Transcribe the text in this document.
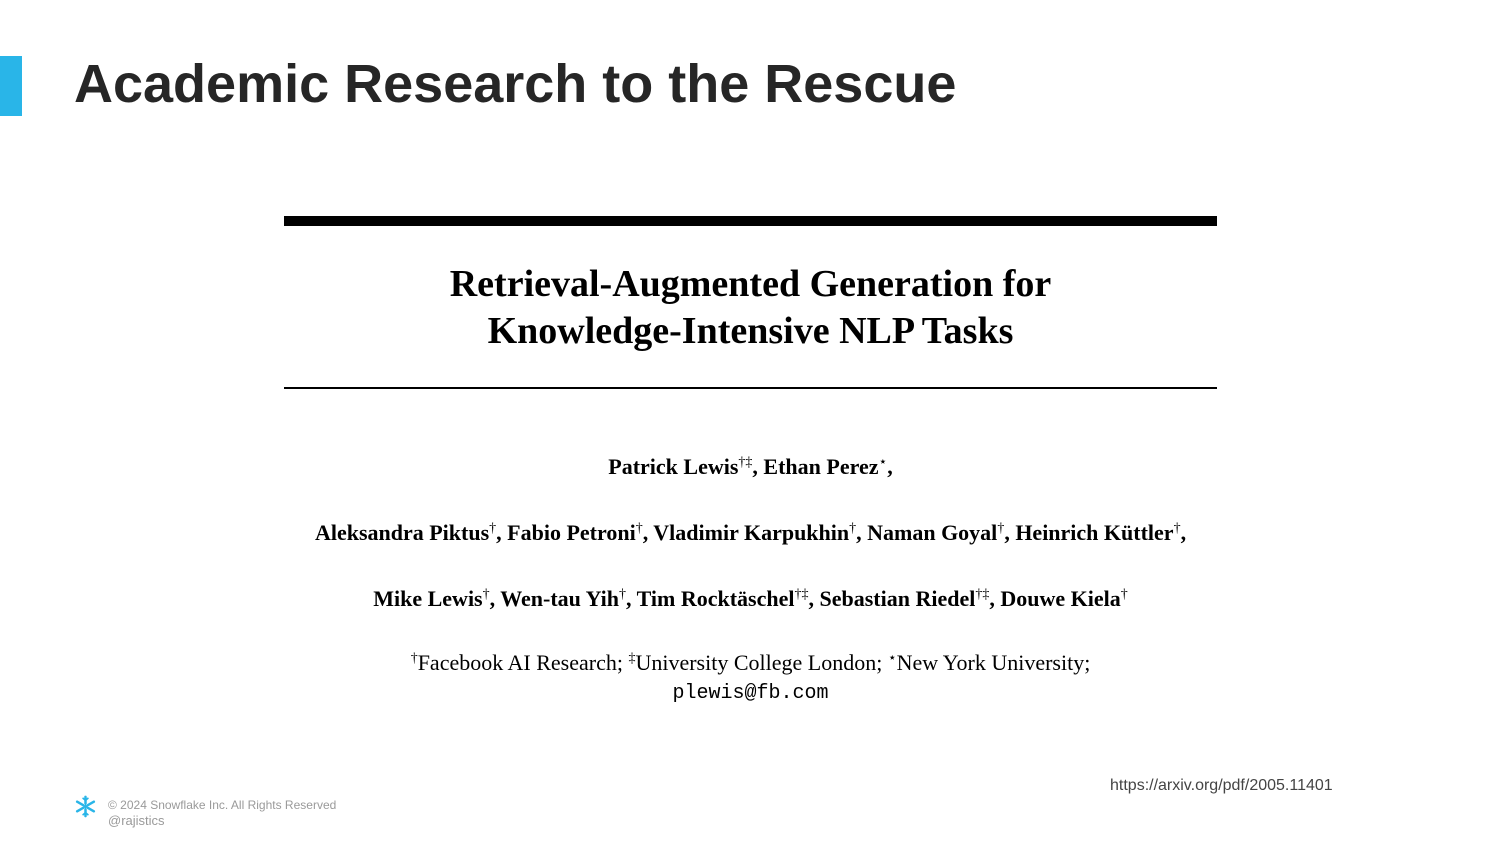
Academic Research to the Rescue
Retrieval-Augmented Generation for
Knowledge-Intensive NLP Tasks
Patrick Lewis†‡, Ethan Perez⋆,
Aleksandra Piktus†, Fabio Petroni†, Vladimir Karpukhin†, Naman Goyal†, Heinrich Küttler†,
Mike Lewis†, Wen-tau Yih†, Tim Rocktäschel†‡, Sebastian Riedel†‡, Douwe Kiela†
†Facebook AI Research; ‡University College London; ⋆New York University;
plewis@fb.com
https://arxiv.org/pdf/2005.11401
© 2024 Snowflake Inc. All Rights Reserved
@rajistics
